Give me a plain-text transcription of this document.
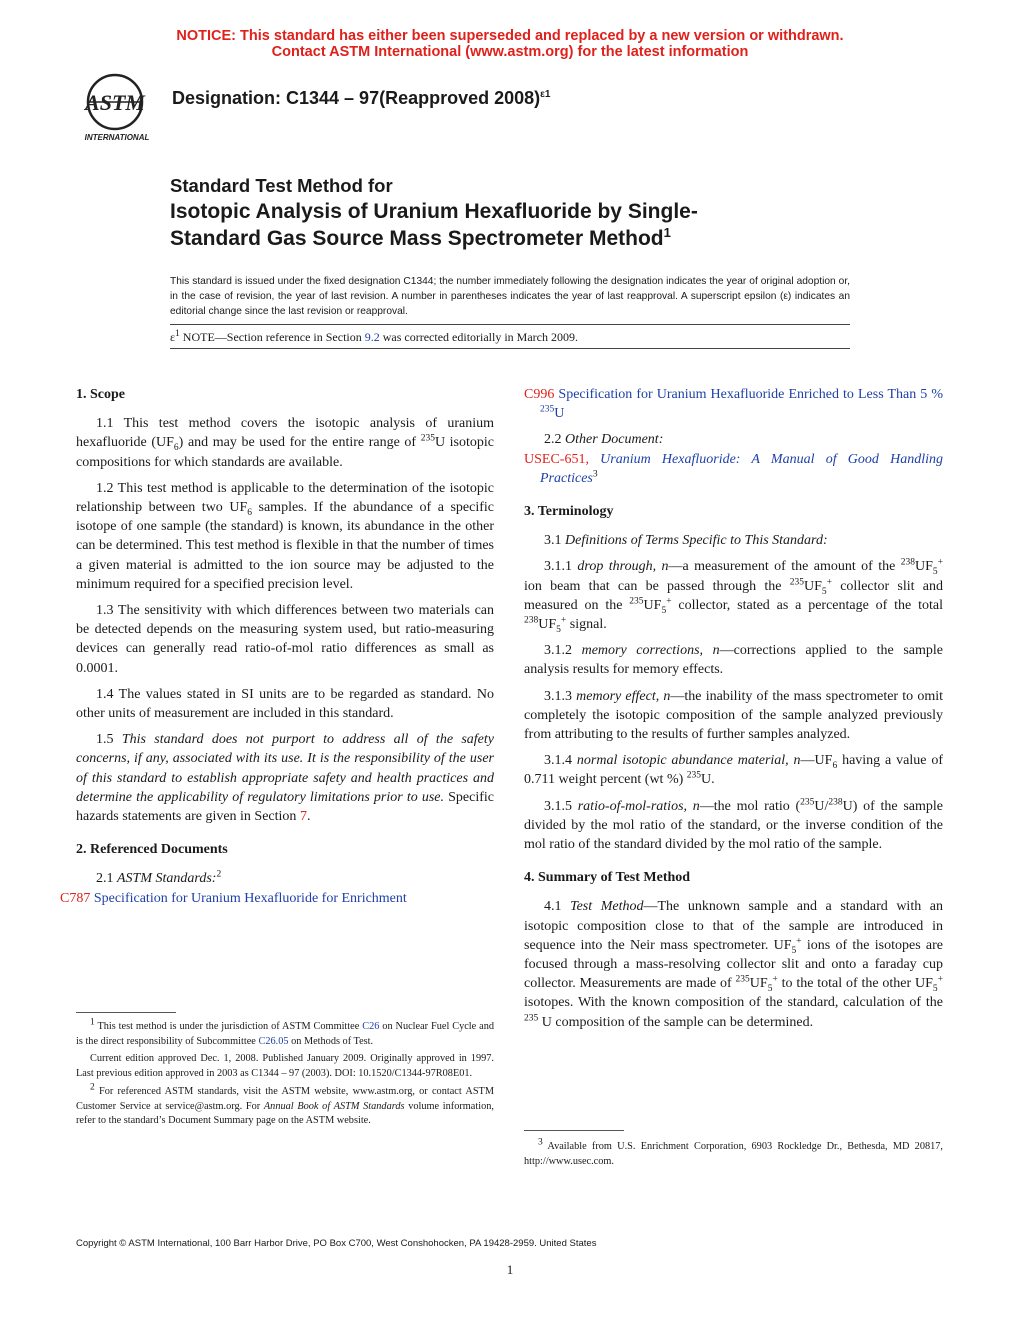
NOTICE: This standard has either been superseded and replaced by a new version or withdrawn.
Contact ASTM International (www.astm.org) for the latest information
ASTM
INTERNATIONAL
Designation: C1344 – 97(Reapproved 2008)$^{\varepsilon 1}$
Standard Test Method for
Isotopic Analysis of Uranium Hexafluoride by Single-
Standard Gas Source Mass Spectrometer Method$^1$
This standard is issued under the fixed designation C1344; the number immediately following the designation indicates the year of original adoption or, in the case of revision, the year of last revision. A number in parentheses indicates the year of last reapproval. A superscript epsilon (ε) indicates an editorial change since the last revision or reapproval.
$\varepsilon^1$ NOTE—Section reference in Section 9.2 was corrected editorially in March 2009.

1. Scope

1.1 This test method covers the isotopic analysis of uranium hexafluoride $(UF_6)$ and may be used for the entire range of $^{235}$U isotopic compositions for which standards are available.

1.2 This test method is applicable to the determination of the isotopic relationship between two $UF_6$ samples. If the abundance of a specific isotope of one sample (the standard) is known, its abundance in the other can be determined. This test method is flexible in that the number of times a given material is admitted to the ion source may be adjusted to the minimum required for a specified precision level.

1.3 The sensitivity with which differences between two materials can be detected depends on the measuring system used, but ratio-measuring devices can generally read ratio-of-mol ratio differences as small as 0.0001.

1.4 The values stated in SI units are to be regarded as standard. No other units of measurement are included in this standard.

1.5 This standard does not purport to address all of the safety concerns, if any, associated with its use. It is the responsibility of the user of this standard to establish appropriate safety and health practices and determine the applicability of regulatory limitations prior to use. Specific hazards statements are given in Section 7.

2. Referenced Documents

2.1 ASTM Standards:$^2$

C787 Specification for Uranium Hexafluoride for Enrichment

$^1$ This test method is under the jurisdiction of ASTM Committee C26 on Nuclear Fuel Cycle and is the direct responsibility of Subcommittee C26.05 on Methods of Test.

Current edition approved Dec. 1, 2008. Published January 2009. Originally approved in 1997. Last previous edition approved in 2003 as C1344 – 97 (2003). DOI: 10.1520/C1344-97R08E01.

$^2$ For referenced ASTM standards, visit the ASTM website, www.astm.org, or contact ASTM Customer Service at service@astm.org. For Annual Book of ASTM Standards volume information, refer to the standard’s Document Summary page on the ASTM website.

C996 Specification for Uranium Hexafluoride Enriched to Less Than 5 % $^{235}$U

2.2 Other Document:

USEC-651, Uranium Hexafluoride: A Manual of Good Handling Practices$^3$

3. Terminology

3.1 Definitions of Terms Specific to This Standard:

3.1.1 drop through, n—a measurement of the amount of the $^{238}UF_5^+$ ion beam that can be passed through the $^{235}UF_5^+$ collector slit and measured on the $^{235}UF_5^+$ collector, stated as a percentage of the total $^{238}UF_5^+$ signal.

3.1.2 memory corrections, n—corrections applied to the sample analysis results for memory effects.

3.1.3 memory effect, n—the inability of the mass spectrometer to omit completely the isotopic composition of the sample analyzed previously from attributing to the results of further samples analyzed.

3.1.4 normal isotopic abundance material, $n—UF_6$ having a value of 0.711 weight percent (wt %) $^{235}$U.

3.1.5 ratio-of-mol-ratios, n—the mol ratio ($^{235}$U/$^{238}$U) of the sample divided by the mol ratio of the standard, or the inverse condition of the mol ratio of the standard divided by the mol ratio of the sample.

4. Summary of Test Method

4.1 Test Method—The unknown sample and a standard with an isotopic composition close to that of the sample are introduced in sequence into the Neir mass spectrometer. $UF_5^+$ ions of the isotopes are focused through a mass-resolving collector slit and onto a faraday cup collector. Measurements are made of $^{235}UF_5^+$ to the total of the other $UF_5^+$ isotopes. With the known composition of the standard, calculation of the $^{235}$ U composition of the sample can be determined.

$^3$ Available from U.S. Enrichment Corporation, 6903 Rockledge Dr., Bethesda, MD 20817, http://www.usec.com.

Copyright © ASTM International, 100 Barr Harbor Drive, PO Box C700, West Conshohocken, PA 19428-2959. United States
1
